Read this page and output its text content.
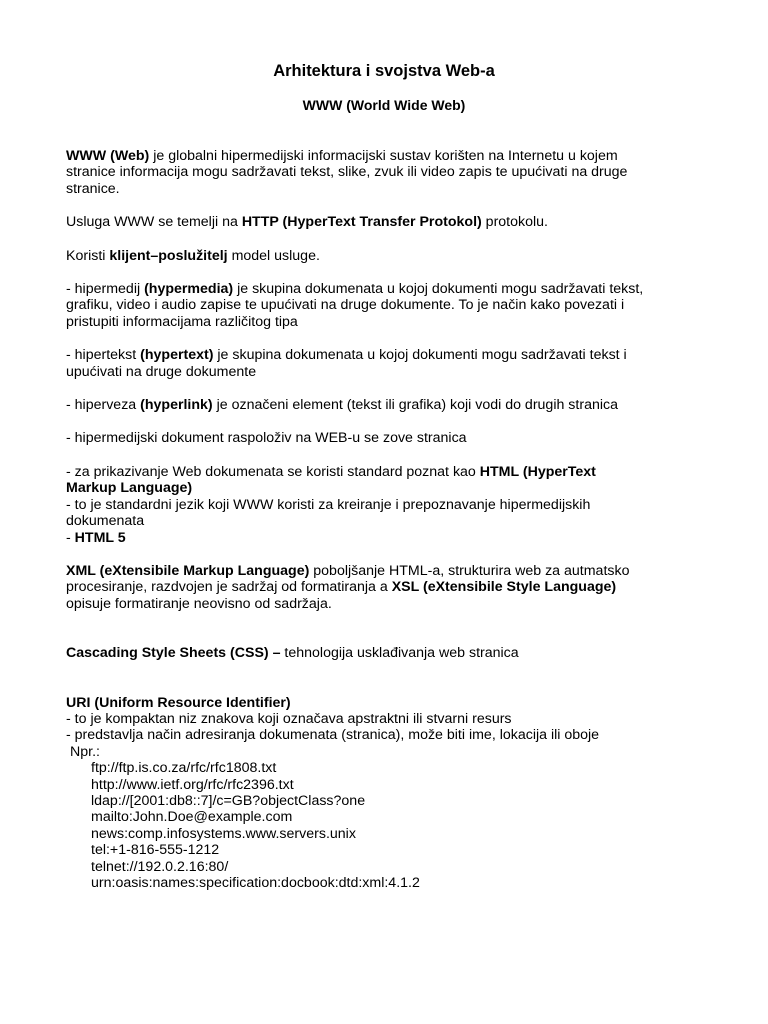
Arhitektura i svojstva Web-a
WWW (World Wide Web)
WWW (Web) je globalni hipermedijski informacijski sustav korišten na Internetu u kojem
stranice informacija mogu sadržavati tekst, slike, zvuk ili video zapis te upućivati na druge
stranice.
Usluga WWW se temelji na HTTP (HyperText Transfer Protokol) protokolu.
Koristi klijent–poslužitelj model usluge.
- hipermedij (hypermedia) je skupina dokumenata u kojoj dokumenti mogu sadržavati tekst,
grafiku, video i audio zapise te upućivati na druge dokumente. To je način kako povezati i
pristupiti informacijama različitog tipa
- hipertekst (hypertext) je skupina dokumenata u kojoj dokumenti mogu sadržavati tekst i
upućivati na druge dokumente
- hiperveza (hyperlink) je označeni element (tekst ili grafika) koji vodi do drugih stranica
- hipermedijski dokument raspoloživ na WEB-u se zove stranica
- za prikazivanje Web dokumenata se koristi standard poznat kao HTML (HyperText
Markup Language)
- to je standardni jezik koji WWW koristi za kreiranje i prepoznavanje hipermedijskih
dokumenata
- HTML 5
XML (eXtensibile Markup Language) poboljšanje HTML-a, strukturira web za autmatsko
procesiranje, razdvojen je sadržaj od formatiranja a XSL (eXtensibile Style Language)
opisuje formatiranje neovisno od sadržaja.
Cascading Style Sheets (CSS) – tehnologija usklađivanja web stranica
URI (Uniform Resource Identifier)
- to je kompaktan niz znakova koji označava apstraktni ili stvarni resurs
- predstavlja način adresiranja dokumenata (stranica), može biti ime, lokacija ili oboje
Npr.:
ftp://ftp.is.co.za/rfc/rfc1808.txt
http://www.ietf.org/rfc/rfc2396.txt
ldap://[2001:db8::7]/c=GB?objectClass?one
mailto:John.Doe@example.com
news:comp.infosystems.www.servers.unix
tel:+1-816-555-1212
telnet://192.0.2.16:80/
urn:oasis:names:specification:docbook:dtd:xml:4.1.2
